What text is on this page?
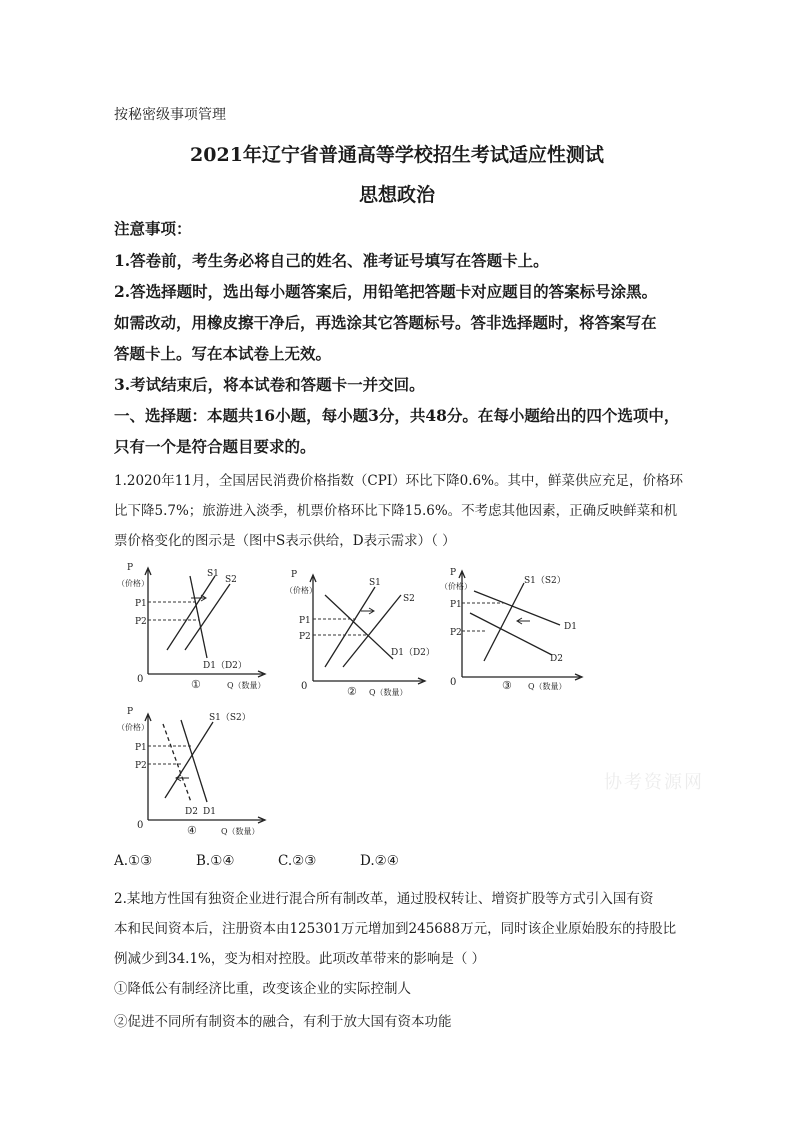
按秘密级事项管理
2021年辽宁省普通高等学校招生考试适应性测试
思想政治
注意事项：
1.答卷前，考生务必将自己的姓名、准考证号填写在答题卡上。
2.答选择题时，选出每小题答案后，用铅笔把答题卡对应题目的答案标号涂黑。
如需改动，用橡皮擦干净后，再选涂其它答题标号。答非选择题时，将答案写在
答题卡上。写在本试卷上无效。
3.考试结束后，将本试卷和答题卡一并交回。
一、选择题：本题共16小题，每小题3分，共48分。在每小题给出的四个选项中，
只有一个是符合题目要求的。
1.2020年11月，全国居民消费价格指数（CPI）环比下降0.6%。其中，鲜菜供应充足，价格环
比下降5.7%；旅游进入淡季，机票价格环比下降15.6%。不考虑其他因素，正确反映鲜菜和机
票价格变化的图示是（图中S表示供给，D表示需求）（ ）
P
（价格）
P1
P2
0
S1
S2
D1（D2）
①	Q（数量）
P
（价格）
P1
P2
0
S1
S2
D1（D2）
② Q（数量）
P
（价格）
P1
P2
0
S1（S2）
D1
D2
③ Q（数量）
P
（价格）
P1
P2
0
S1（S2）
D2 D1
④	Q（数量）
协考资源网
A.①③	B.①④	C.②③	D.②④
2.某地方性国有独资企业进行混合所有制改革，通过股权转让、增资扩股等方式引入国有资
本和民间资本后，注册资本由125301万元增加到245688万元，同时该企业原始股东的持股比
例减少到34.1%，变为相对控股。此项改革带来的影响是（ ）
①降低公有制经济比重，改变该企业的实际控制人
②促进不同所有制资本的融合，有利于放大国有资本功能
